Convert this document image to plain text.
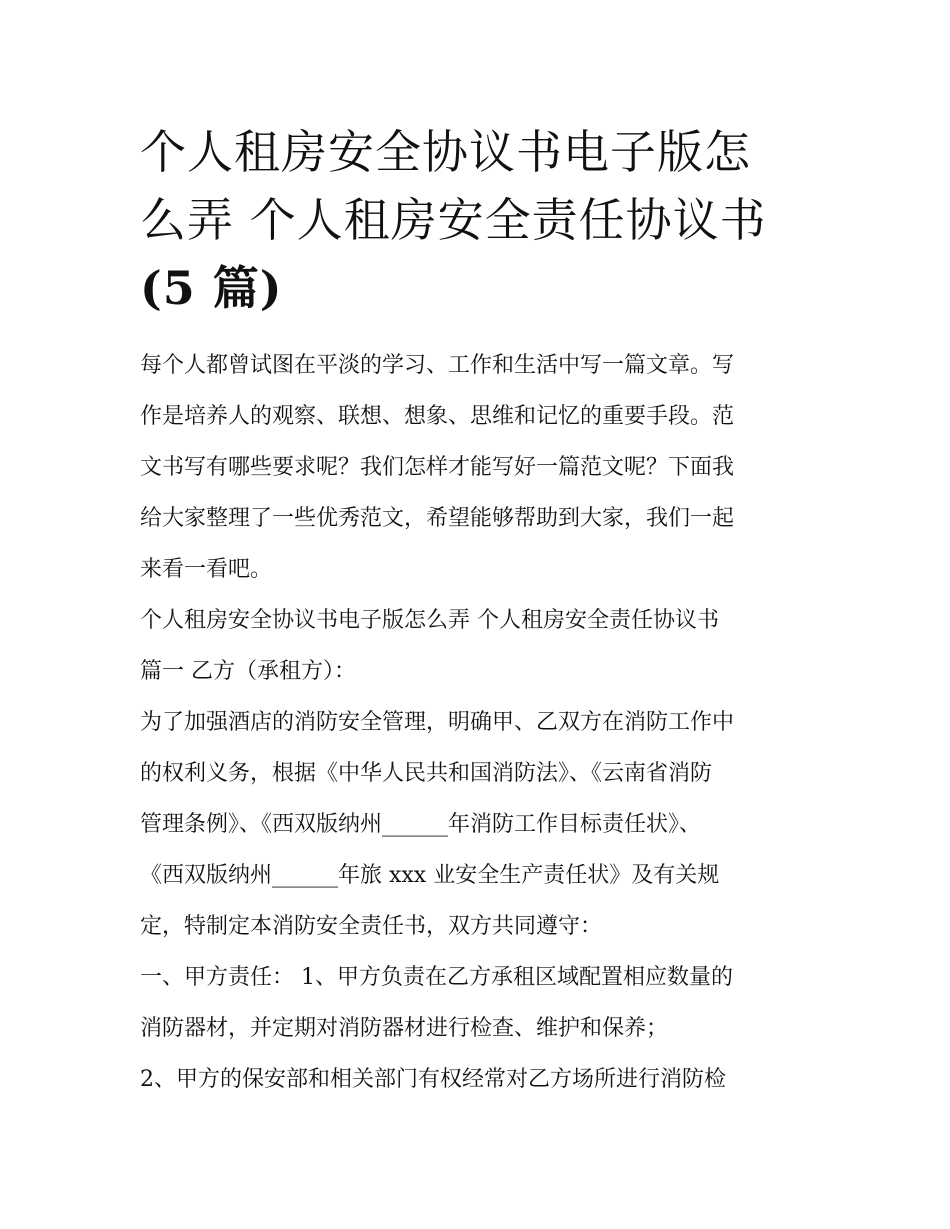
个人租房安全协议书电子版怎
么弄 个人租房安全责任协议书
(5 篇)

每个人都曾试图在平淡的学习、工作和生活中写一篇文章。写

作是培养人的观察、联想、想象、思维和记忆的重要手段。范

文书写有哪些要求呢？我们怎样才能写好一篇范文呢？下面我

给大家整理了一些优秀范文，希望能够帮助到大家，我们一起

来看一看吧。

个人租房安全协议书电子版怎么弄 个人租房安全责任协议书

篇一 乙方（承租方）：

为了加强酒店的消防安全管理，明确甲、乙双方在消防工作中

的权利义务，根据《中华人民共和国消防法》、《云南省消防

管理条例》、《西双版纳州______年消防工作目标责任状》、

《西双版纳州______年旅 xxx 业安全生产责任状》及有关规

定，特制定本消防安全责任书，双方共同遵守：

一、甲方责任： 1、甲方负责在乙方承租区域配置相应数量的

消防器材，并定期对消防器材进行检查、维护和保养；

2、甲方的保安部和相关部门有权经常对乙方场所进行消防检
